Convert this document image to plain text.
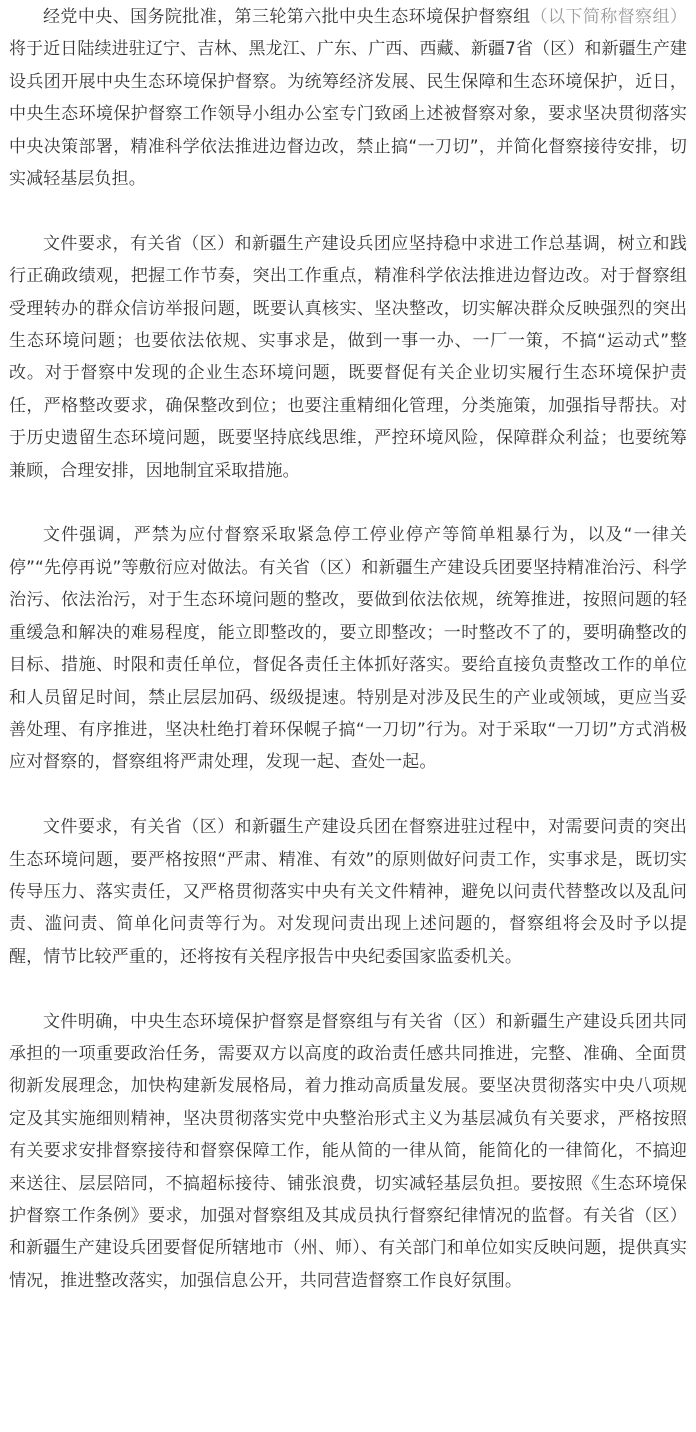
经党中央、国务院批准，第三轮第六批中央生态环境保护督察组（以下简称督察组）将于近日陆续进驻辽宁、吉林、黑龙江、广东、广西、西藏、新疆7省（区）和新疆生产建设兵团开展中央生态环境保护督察。为统筹经济发展、民生保障和生态环境保护，近日，中央生态环境保护督察工作领导小组办公室专门致函上述被督察对象，要求坚决贯彻落实中央决策部署，精准科学依法推进边督边改，禁止搞“一刀切”，并简化督察接待安排，切实减轻基层负担。

文件要求，有关省（区）和新疆生产建设兵团应坚持稳中求进工作总基调，树立和践行正确政绩观，把握工作节奏，突出工作重点，精准科学依法推进边督边改。对于督察组受理转办的群众信访举报问题，既要认真核实、坚决整改，切实解决群众反映强烈的突出生态环境问题；也要依法依规、实事求是，做到一事一办、一厂一策，不搞“运动式”整改。对于督察中发现的企业生态环境问题，既要督促有关企业切实履行生态环境保护责任，严格整改要求，确保整改到位；也要注重精细化管理，分类施策，加强指导帮扶。对于历史遗留生态环境问题，既要坚持底线思维，严控环境风险，保障群众利益；也要统筹兼顾，合理安排，因地制宜采取措施。

文件强调，严禁为应付督察采取紧急停工停业停产等简单粗暴行为，以及“一律关停”“先停再说”等敷衍应对做法。有关省（区）和新疆生产建设兵团要坚持精准治污、科学治污、依法治污，对于生态环境问题的整改，要做到依法依规，统筹推进，按照问题的轻重缓急和解决的难易程度，能立即整改的，要立即整改；一时整改不了的，要明确整改的目标、措施、时限和责任单位，督促各责任主体抓好落实。要给直接负责整改工作的单位和人员留足时间，禁止层层加码、级级提速。特别是对涉及民生的产业或领域，更应当妥善处理、有序推进，坚决杜绝打着环保幌子搞“一刀切”行为。对于采取“一刀切”方式消极应对督察的，督察组将严肃处理，发现一起、查处一起。

文件要求，有关省（区）和新疆生产建设兵团在督察进驻过程中，对需要问责的突出生态环境问题，要严格按照“严肃、精准、有效”的原则做好问责工作，实事求是，既切实传导压力、落实责任，又严格贯彻落实中央有关文件精神，避免以问责代替整改以及乱问责、滥问责、简单化问责等行为。对发现问责出现上述问题的，督察组将会及时予以提醒，情节比较严重的，还将按有关程序报告中央纪委国家监委机关。

文件明确，中央生态环境保护督察是督察组与有关省（区）和新疆生产建设兵团共同承担的一项重要政治任务，需要双方以高度的政治责任感共同推进，完整、准确、全面贯彻新发展理念，加快构建新发展格局，着力推动高质量发展。要坚决贯彻落实中央八项规定及其实施细则精神，坚决贯彻落实党中央整治形式主义为基层减负有关要求，严格按照有关要求安排督察接待和督察保障工作，能从简的一律从简，能简化的一律简化，不搞迎来送往、层层陪同，不搞超标接待、铺张浪费，切实减轻基层负担。要按照《生态环境保护督察工作条例》要求，加强对督察组及其成员执行督察纪律情况的监督。有关省（区）和新疆生产建设兵团要督促所辖地市（州、师）、有关部门和单位如实反映问题，提供真实情况，推进整改落实，加强信息公开，共同营造督察工作良好氛围。
